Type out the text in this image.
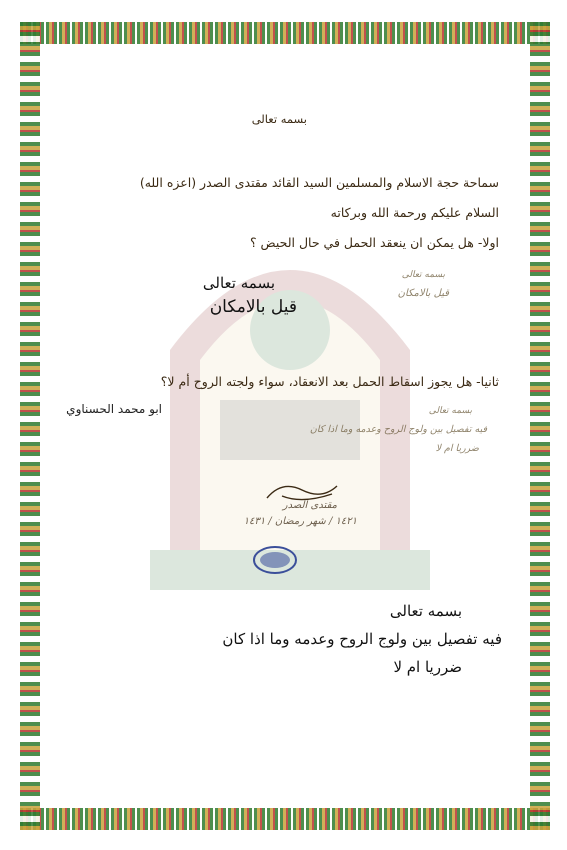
بسمه تعالى
سماحة حجة الاسلام والمسلمين السيد القائد مقتدى الصدر (اعزه الله)
السلام عليكم ورحمة الله وبركاته
اولا- هل يمكن ان ينعقد الحمل في حال الحيض ؟
ثانيا- هل يجوز اسقاط الحمل بعد الانعقاد، سواء ولجته الروح أم لا؟
ابو محمد الحسناوي
بسمه تعالى
قيل بالامكان
بسمه تعالى
قيل بالامكان
بسمه تعالى
فيه تفصيل بين ولوج الروح وعدمه وما اذا كان
ضرريا ام لا
مقتدى الصدر
١٤٢١ / شهر رمضان / ١٤٣١
بسمه تعالى
فيه تفصيل بين ولوج الروح وعدمه وما اذا كان
ضرريا ام لا
